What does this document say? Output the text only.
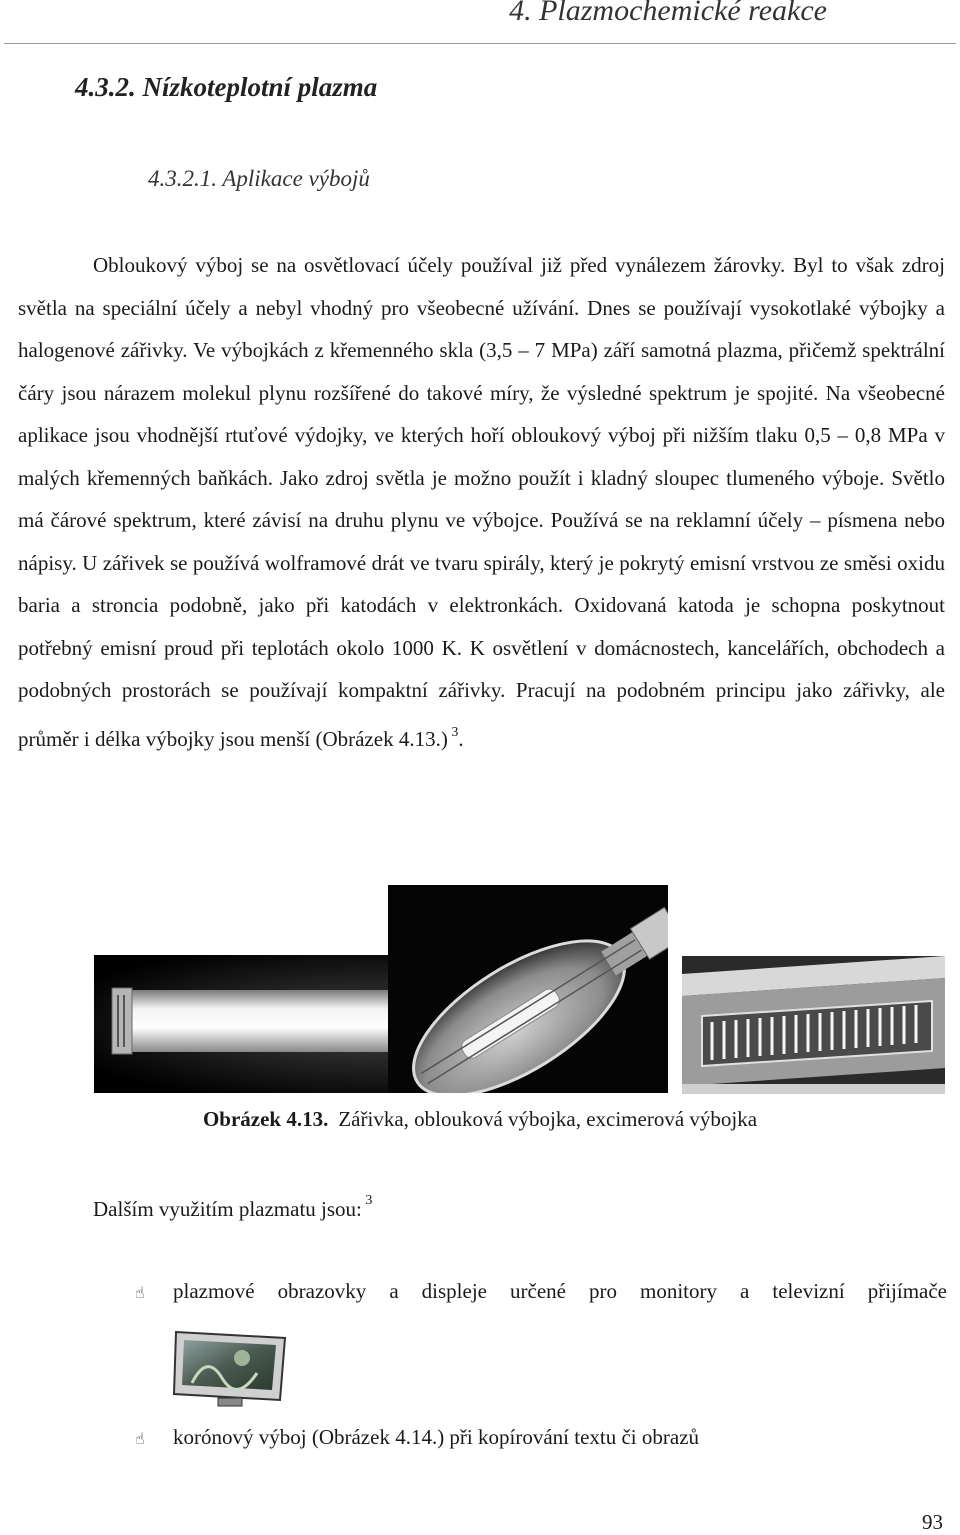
4. Plazmochemické reakce
4.3.2. Nízkoteplotní plazma
4.3.2.1. Aplikace výbojů
Obloukový výboj se na osvětlovací účely používal již před vynálezem žárovky. Byl to však zdroj světla na speciální účely a nebyl vhodný pro všeobecné užívání. Dnes se používají vysokotlaké výbojky a halogenové zářivky. Ve výbojkách z křemenného skla (3,5 – 7 MPa) září samotná plazma, přičemž spektrální čáry jsou nárazem molekul plynu rozšířené do takové míry, že výsledné spektrum je spojité. Na všeobecné aplikace jsou vhodnější rtuťové výdojky, ve kterých hoří obloukový výboj při nižším tlaku 0,5 – 0,8 MPa v malých křemenných baňkách. Jako zdroj světla je možno použít i kladný sloupec tlumeného výboje. Světlo má čárové spektrum, které závisí na druhu plynu ve výbojce. Používá se na reklamní účely – písmena nebo nápisy. U zářivek se používá wolframové drát ve tvaru spirály, který je pokrytý emisní vrstvou ze směsi oxidu baria a stroncia podobně, jako při katodách v elektronkách. Oxidovaná katoda je schopna poskytnout potřebný emisní proud při teplotách okolo 1000 K. K osvětlení v domácnostech, kancelářích, obchodech a podobných prostorách se používají kompaktní zářivky. Pracují na podobném principu jako zářivky, ale průměr i délka výbojky jsou menší (Obrázek 4.13.) $^3$.
Obrázek 4.13. Zářivka, oblouková výbojka, excimerová výbojka
Dalším využitím plazmatu jsou: $^3$
☝	plazmové obrazovky a displeje určené pro monitory a televizní přijímače
☝	korónový výboj (Obrázek 4.14.) při kopírování textu či obrazů
93
